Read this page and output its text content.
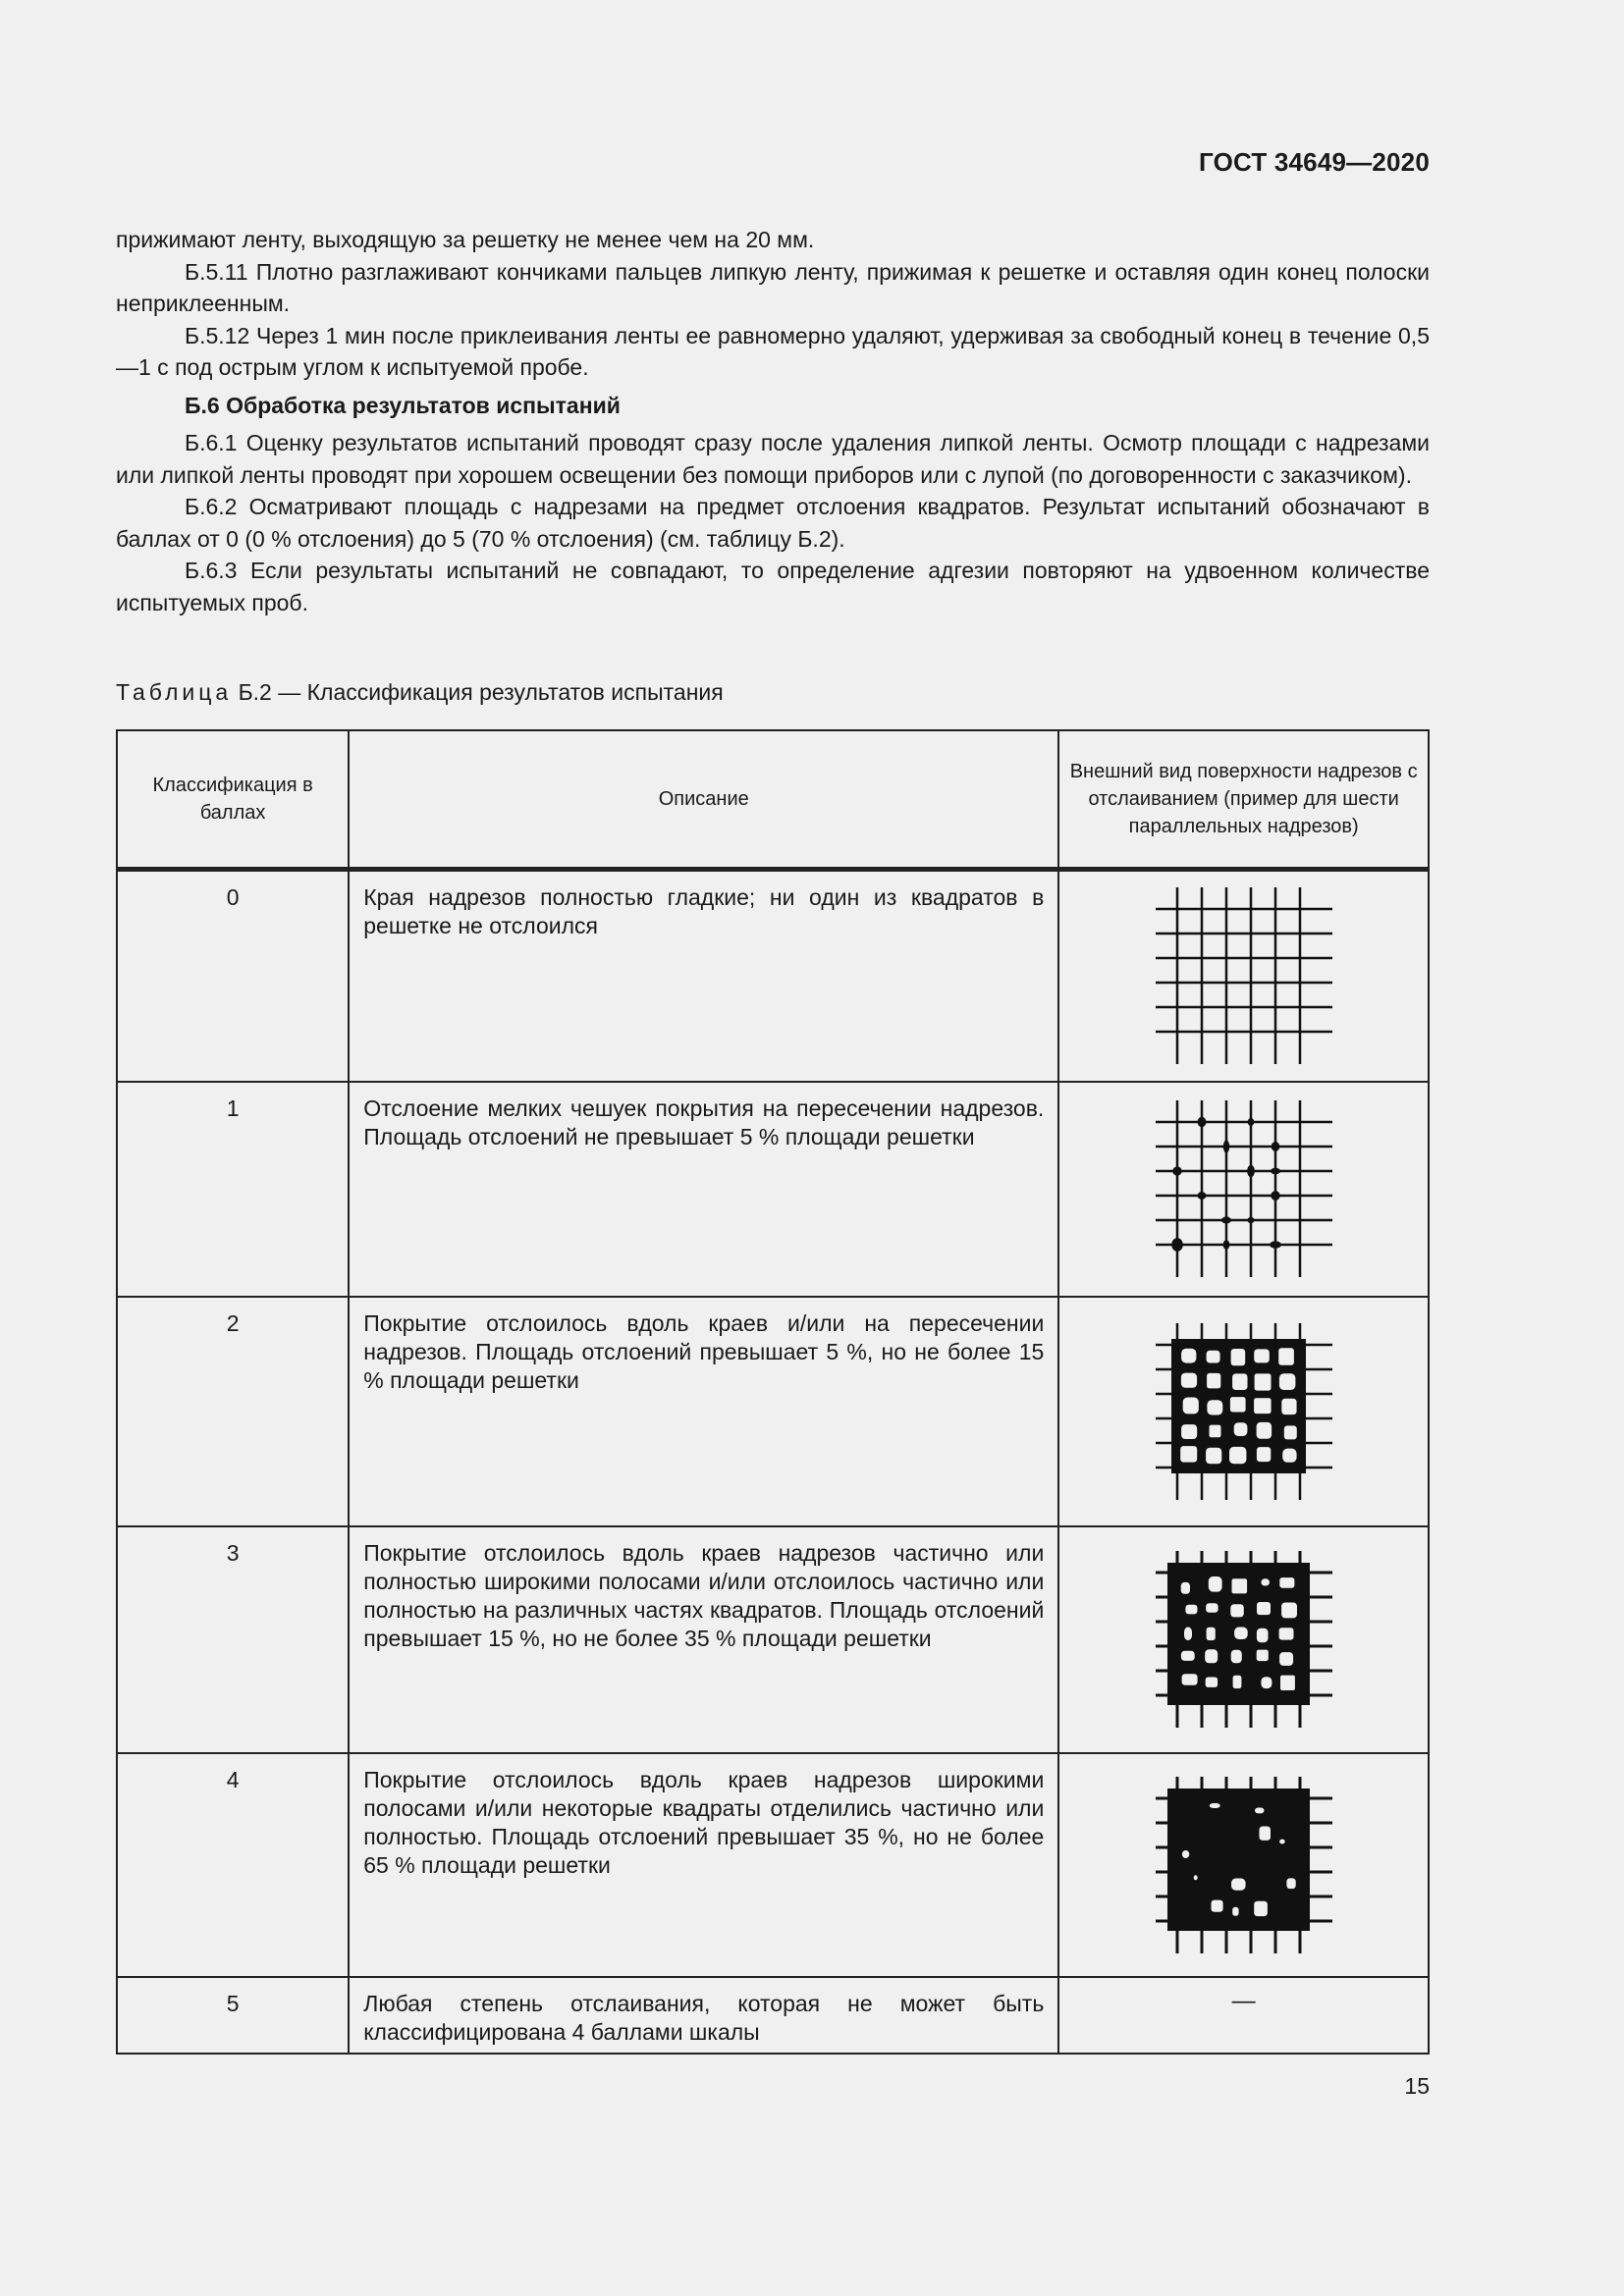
ГОСТ 34649—2020

прижимают ленту, выходящую за решетку не менее чем на 20 мм.

Б.5.11 Плотно разглаживают кончиками пальцев липкую ленту, прижимая к решетке и оставляя один конец полоски неприклеенным.

Б.5.12 Через 1 мин после приклеивания ленты ее равномерно удаляют, удерживая за свободный конец в течение 0,5—1 с под острым углом к испытуемой пробе.

Б.6 Обработка результатов испытаний

Б.6.1 Оценку результатов испытаний проводят сразу после удаления липкой ленты. Осмотр площади с надрезами или липкой ленты проводят при хорошем освещении без помощи приборов или с лупой (по договоренности с заказчиком).

Б.6.2 Осматривают площадь с надрезами на предмет отслоения квадратов. Результат испытаний обозначают в баллах от 0 (0 % отслоения) до 5 (70 % отслоения) (см. таблицу Б.2).

Б.6.3 Если результаты испытаний не совпадают, то определение адгезии повторяют на удвоенном количестве испытуемых проб.

Таблица Б.2 — Классификация результатов испытания
Классификация в баллах	Описание	Внешний вид поверхности надрезов с отслаиванием (пример для шести параллельных надрезов)
0	Края надрезов полностью гладкие; ни один из квадратов в решетке не отслоился	

1	Отслоение мелких чешуек покрытия на пересечении надрезов. Площадь отслоений не превышает 5 % площади решетки	

2	Покрытие отслоилось вдоль краев и/или на пересечении надрезов. Площадь отслоений превышает 5 %, но не более 15 % площади решетки	

3	Покрытие отслоилось вдоль краев надрезов частично или полностью широкими полосами и/или отслоилось частично или полностью на различных частях квадратов. Площадь отслоений превышает 15 %, но не более 35 % площади решетки	

4	Покрытие отслоилось вдоль краев надрезов широкими полосами и/или некоторые квадраты отделились частично или полностью. Площадь отслоений превышает 35 %, но не более 65 % площади решетки	

5	Любая степень отслаивания, которая не может быть классифицирована 4 баллами шкалы	—
15
